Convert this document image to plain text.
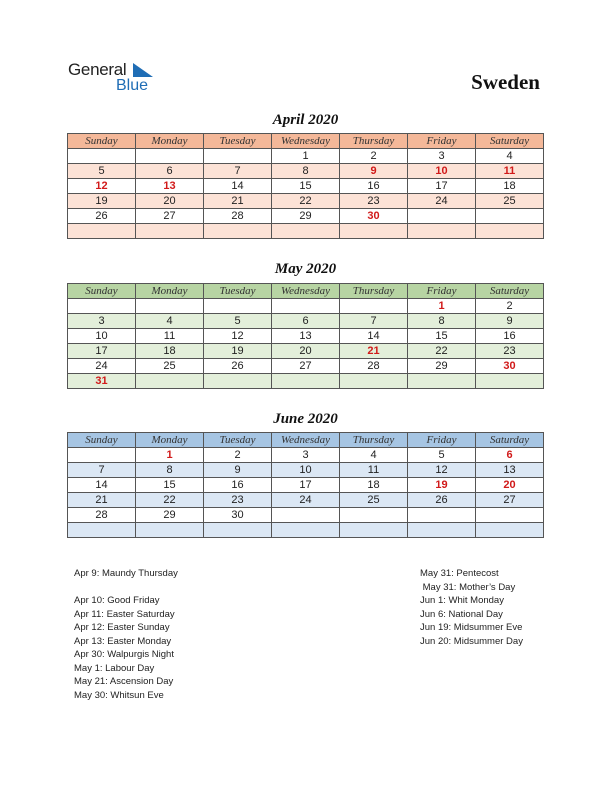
General
Blue	Sweden
April 2020
Sunday	Monday	Tuesday	Wednesday	Thursday	Friday	Saturday
			1	2	3	4
5	6	7	8	9	10	11
12	13	14	15	16	17	18
19	20	21	22	23	24	25
26	27	28	29	30		

May 2020
Sunday	Monday	Tuesday	Wednesday	Thursday	Friday	Saturday
					1	2
3	4	5	6	7	8	9
10	11	12	13	14	15	16
17	18	19	20	21	22	23
24	25	26	27	28	29	30
31						
June 2020
Sunday	Monday	Tuesday	Wednesday	Thursday	Friday	Saturday
	1	2	3	4	5	6
7	8	9	10	11	12	13
14	15	16	17	18	19	20
21	22	23	24	25	26	27
28	29	30				

Apr 9: Maundy Thursday
Apr 10: Good Friday
Apr 11: Easter Saturday
Apr 12: Easter Sunday
Apr 13: Easter Monday
Apr 30: Walpurgis Night
May 1: Labour Day
May 21: Ascension Day
May 30: Whitsun Eve
May 31: Pentecost
May 31: Mother’s Day
Jun 1: Whit Monday
Jun 6: National Day
Jun 19: Midsummer Eve
Jun 20: Midsummer Day
